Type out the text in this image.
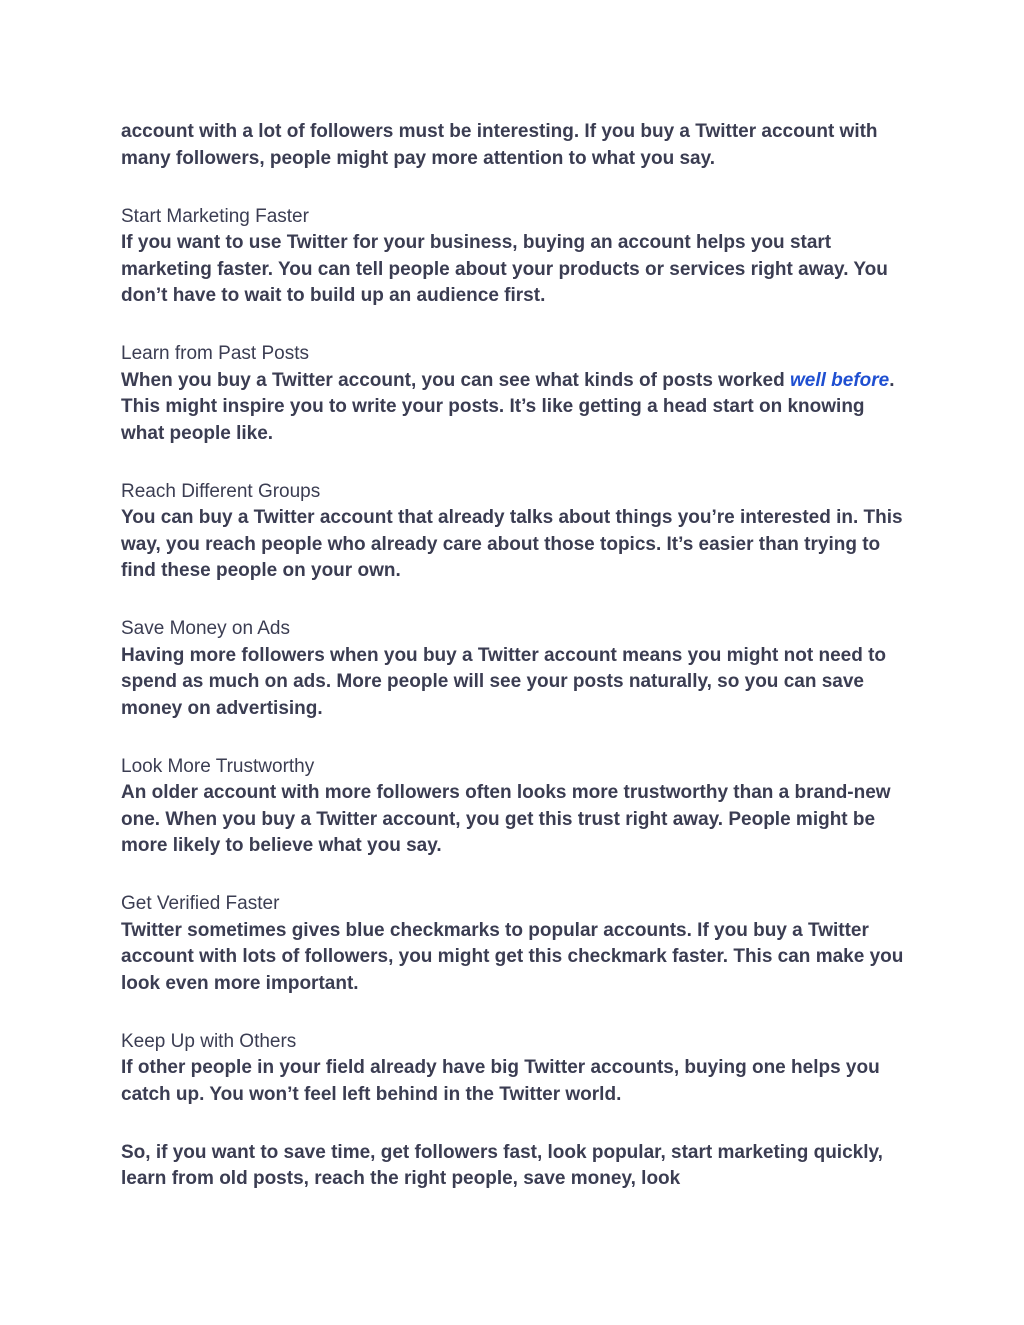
account with a lot of followers must be interesting. If you buy a Twitter account with many followers, people might pay more attention to what you say.

Start Marketing Faster
If you want to use Twitter for your business, buying an account helps you start marketing faster. You can tell people about your products or services right away. You don’t have to wait to build up an audience first.
Learn from Past Posts
When you buy a Twitter account, you can see what kinds of posts worked well before. This might inspire you to write your posts. It’s like getting a head start on knowing what people like.
Reach Different Groups
You can buy a Twitter account that already talks about things you’re interested in. This way, you reach people who already care about those topics. It’s easier than trying to find these people on your own.
Save Money on Ads
Having more followers when you buy a Twitter account means you might not need to spend as much on ads. More people will see your posts naturally, so you can save money on advertising.
Look More Trustworthy
An older account with more followers often looks more trustworthy than a brand-new one. When you buy a Twitter account, you get this trust right away. People might be more likely to believe what you say.
Get Verified Faster
Twitter sometimes gives blue checkmarks to popular accounts. If you buy a Twitter account with lots of followers, you might get this checkmark faster. This can make you look even more important.
Keep Up with Others
If other people in your field already have big Twitter accounts, buying one helps you catch up. You won’t feel left behind in the Twitter world.

So, if you want to save time, get followers fast, look popular, start marketing quickly, learn from old posts, reach the right people, save money, look
